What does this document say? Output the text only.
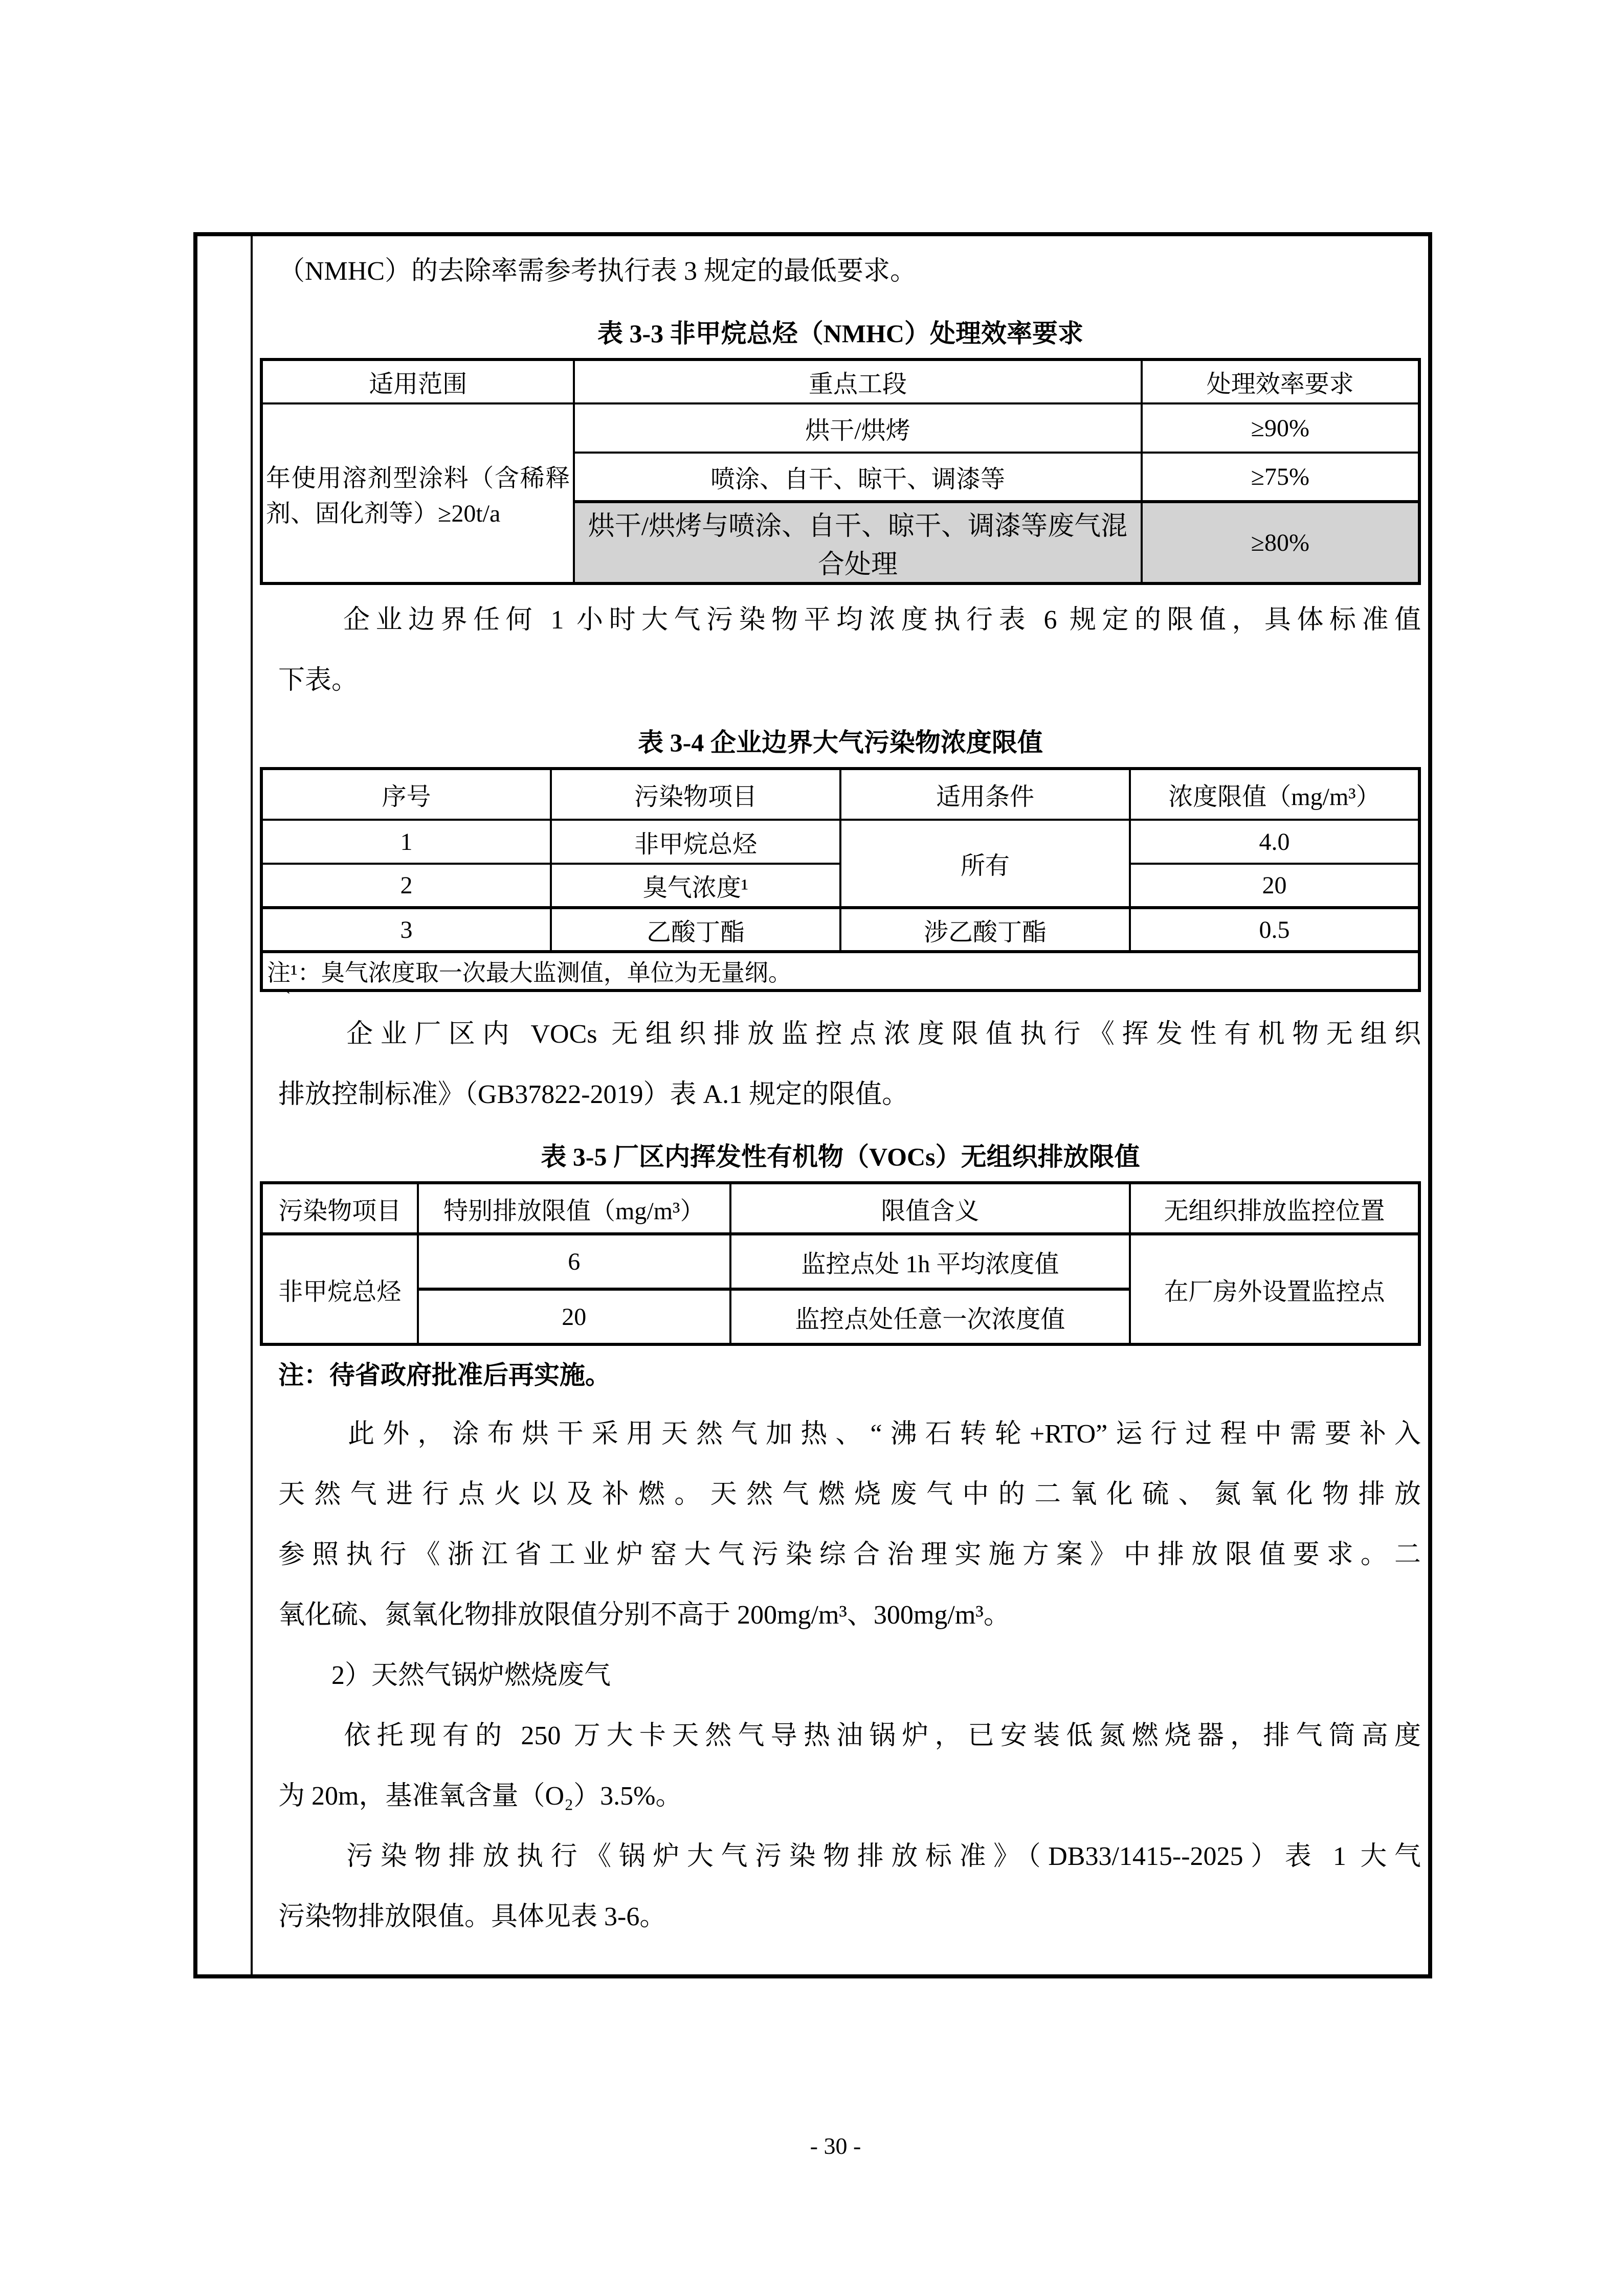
（NMHC）的去除率需参考执行表 3 规定的最低要求。
表 3-3 非甲烷总烃（NMHC）处理效率要求
适用范围	重点工段	处理效率要求
年使用溶剂型涂料（含稀释剂、固化剂等）≥20t/a	烘干/烘烤	≥90%
	喷涂、自干、晾干、调漆等	≥75%
	烘干/烘烤与喷涂、自干、晾干、调漆等废气混合处理	≥80%
　　企业边界任何 1 小时大气污染物平均浓度执行表 6 规定的限值，具体标准值
下表。
表 3-4 企业边界大气污染物浓度限值
序号	污染物项目	适用条件	浓度限值（mg/m³）
1	非甲烷总烃	所有	4.0
2	臭气浓度¹		20
3	乙酸丁酯	涉乙酸丁酯	0.5
注¹：臭气浓度取一次最大监测值，单位为无量纲。			
`
　　企业厂区内 VOCs 无组织排放监控点浓度限值执行《挥发性有机物无组织
排放控制标准》（GB37822-2019）表 A.1 规定的限值。
表 3-5 厂区内挥发性有机物（VOCs）无组织排放限值
污染物项目	特别排放限值（mg/m³）	限值含义	无组织排放监控位置
非甲烷总烃	6	监控点处 1h 平均浓度值	在厂房外设置监控点
	20	监控点处任意一次浓度值	
注：待省政府批准后再实施。
　　此外，涂布烘干采用天然气加热、“沸石转轮+RTO”运行过程中需要补入
天然气进行点火以及补燃。天然气燃烧废气中的二氧化硫、氮氧化物排放
参照执行《浙江省工业炉窑大气污染综合治理实施方案》中排放限值要求。二
氧化硫、氮氧化物排放限值分别不高于 200mg/m³、300mg/m³。
　　2）天然气锅炉燃烧废气
　　依托现有的 250 万大卡天然气导热油锅炉，已安装低氮燃烧器，排气筒高度
为 20m，基准氧含量（O₂）3.5%。
　　污染物排放执行《锅炉大气污染物排放标准》（DB33/1415--2025）表 1 大气
污染物排放限值。具体见表 3-6。
- 30 -
